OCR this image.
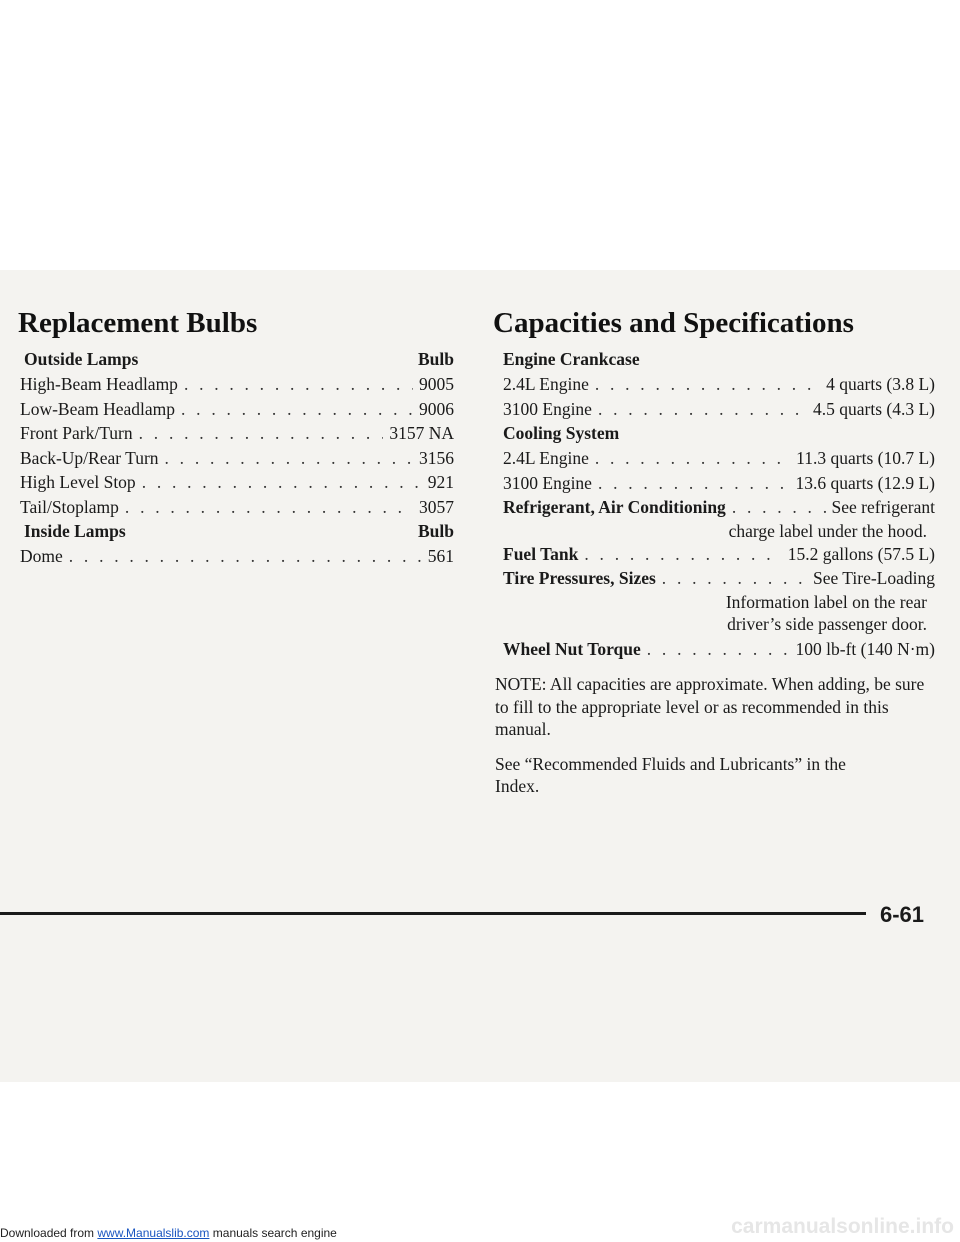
Replacement Bulbs
Outside Lamps	Bulb
High-Beam Headlamp . . .	9005
Low-Beam Headlamp . . .	9006
Front Park/Turn . . .	3157 NA
Back-Up/Rear Turn . . .	3156
High Level Stop . . .	921
Tail/Stoplamp . . .	3057
Inside Lamps	Bulb
Dome . . .	561
Capacities and Specifications
Engine Crankcase
2.4L Engine . . .	4 quarts (3.8 L)
3100 Engine . . .	4.5 quarts (4.3 L)
Cooling System
2.4L Engine . . .	11.3 quarts (10.7 L)
3100 Engine . . .	13.6 quarts (12.9 L)
Refrigerant, Air Conditioning . . .	See refrigerant
charge label under the hood.
Fuel Tank . . .	15.2 gallons (57.5 L)
Tire Pressures, Sizes . . .	See Tire-Loading
Information label on the rear
driver’s side passenger door.
Wheel Nut Torque . . .	100 lb-ft (140 N·m)
NOTE: All capacities are approximate. When adding, be sure to fill to the appropriate level or as recommended in this manual.
See “Recommended Fluids and Lubricants” in the Index.
6-61
Downloaded from www.Manualslib.com manuals search engine	carmanualsonline.info
